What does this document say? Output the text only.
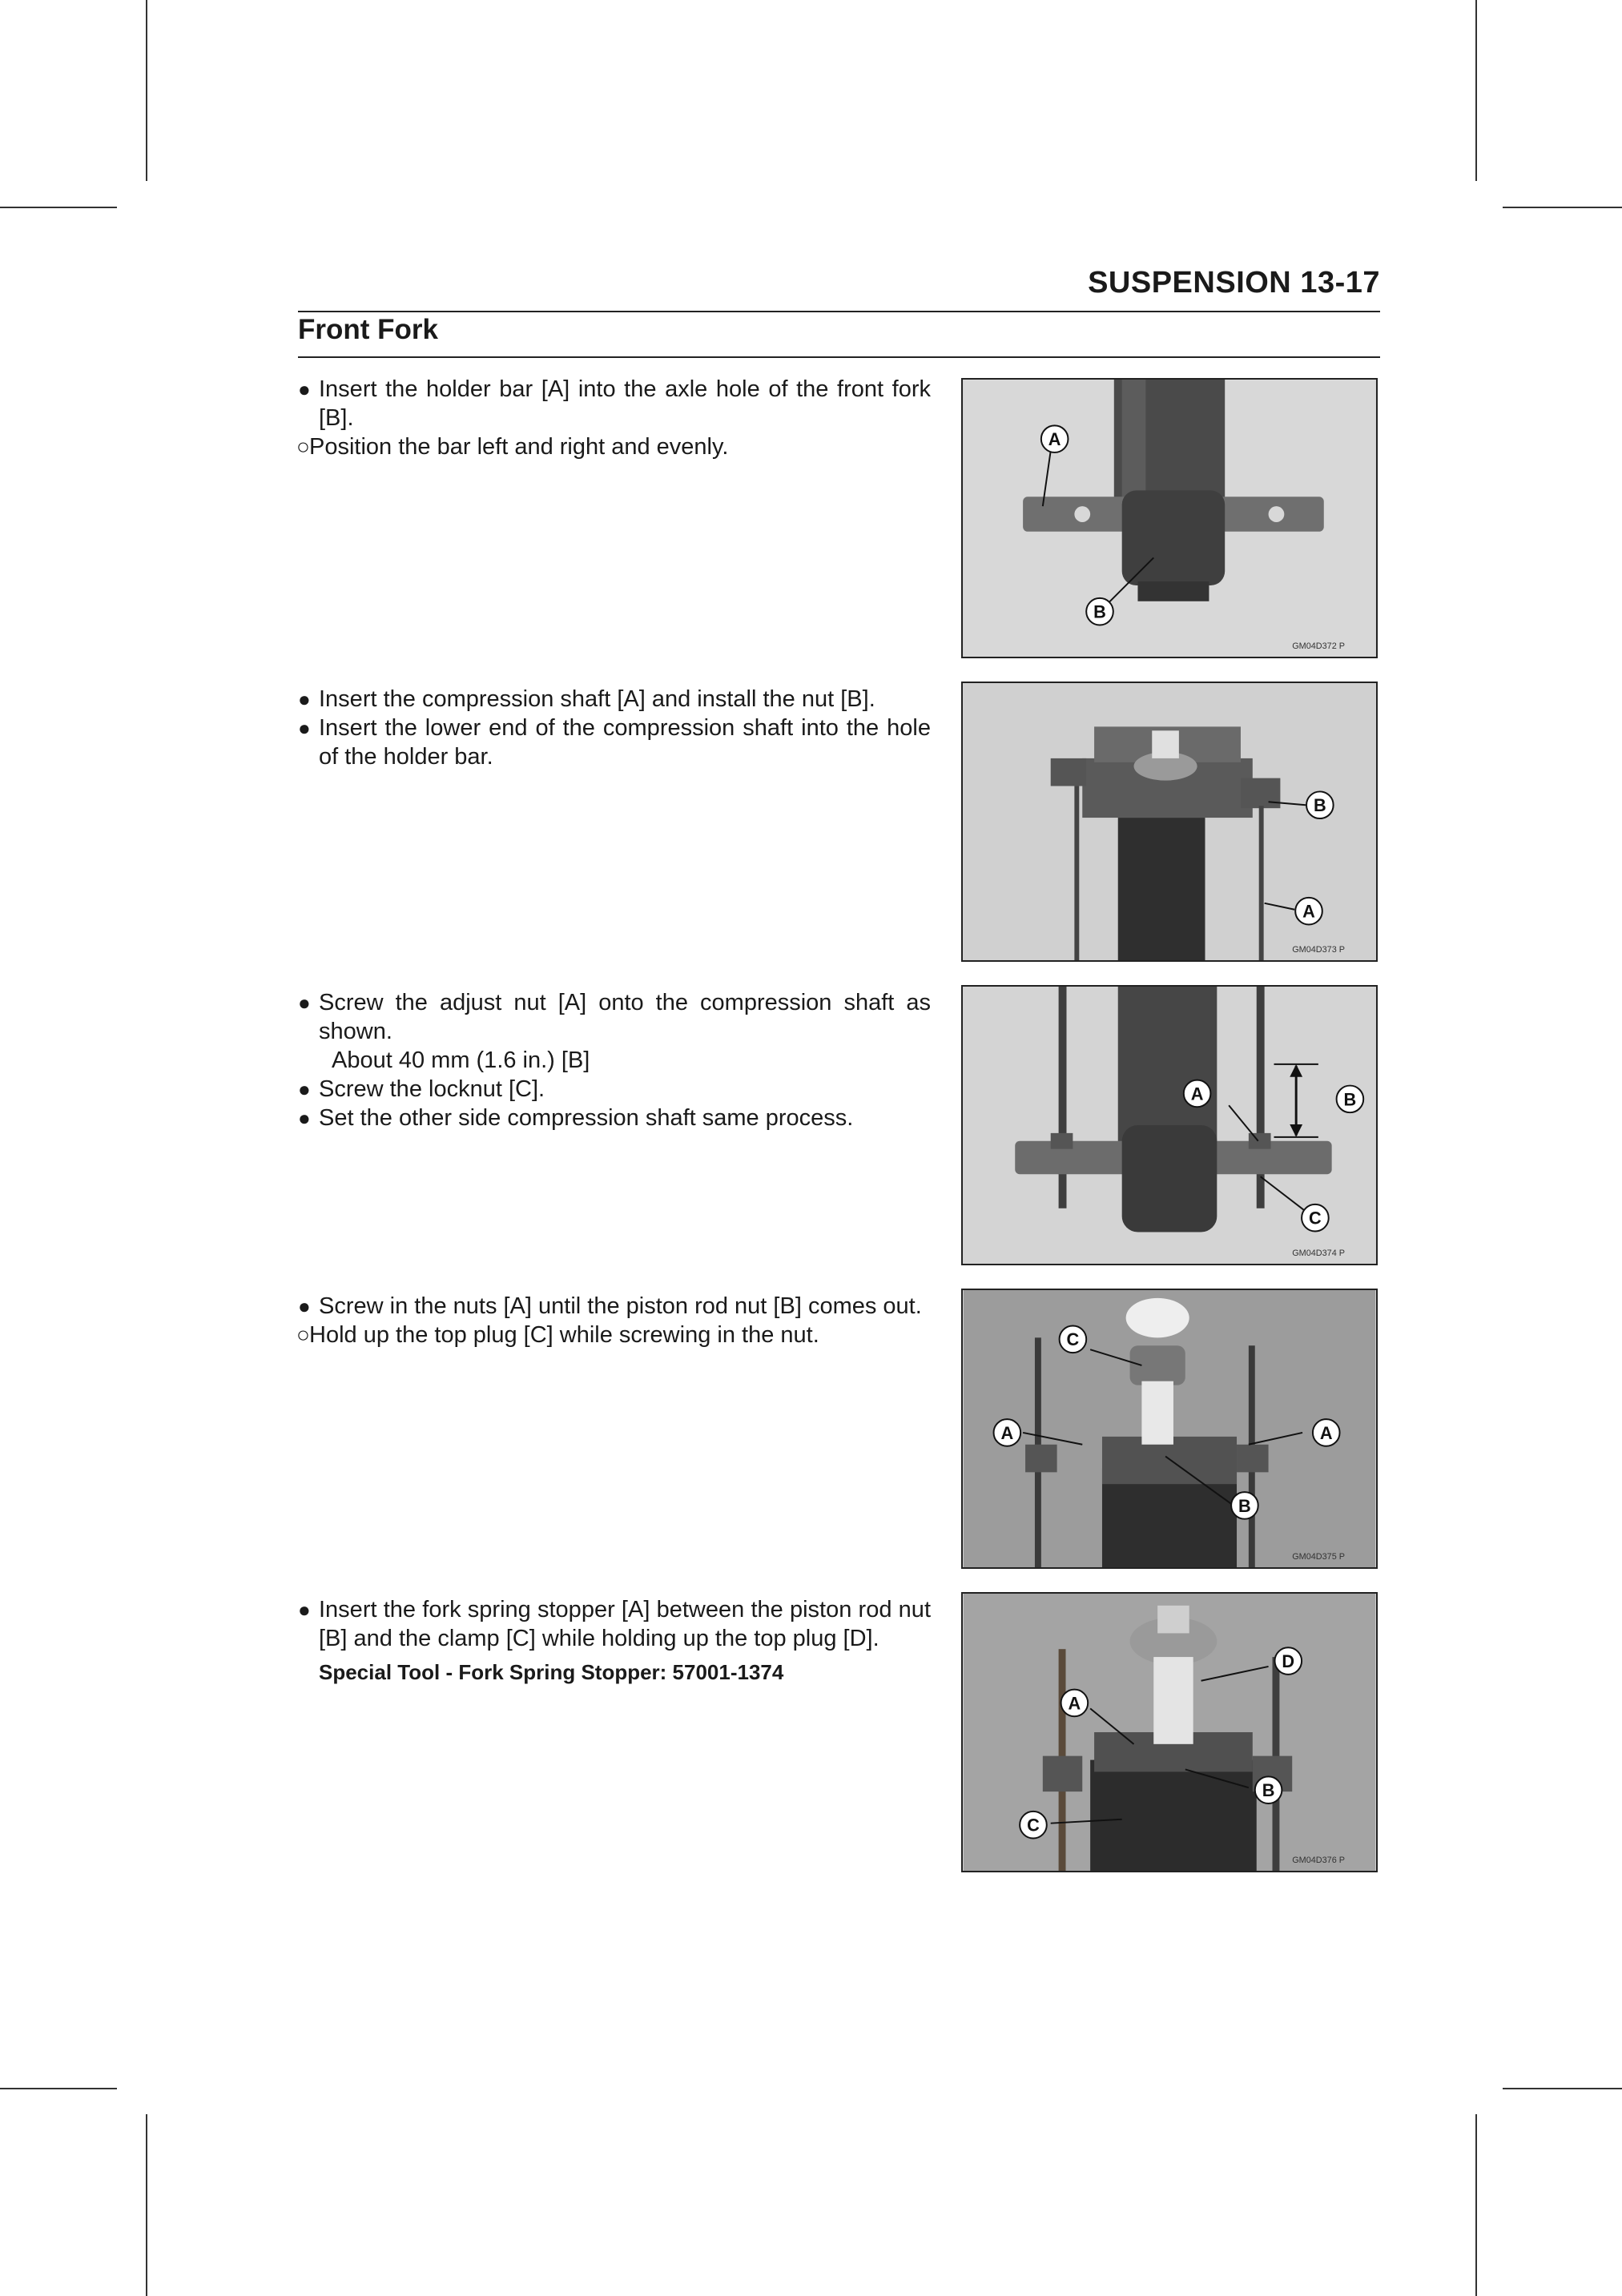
SUSPENSION 13-17
Front Fork
● Insert the holder bar [A] into the axle hole of the front fork [B].
○ Position the bar left and right and evenly.	A
B
GM04D372 P
● Insert the compression shaft [A] and install the nut [B].
● Insert the lower end of the compression shaft into the hole of the holder bar.
B
A
GM04D373 P
● Screw the adjust nut [A] onto the compression shaft as shown.
About 40 mm (1.6 in.) [B]
● Screw the locknut [C].
● Set the other side compression shaft same process.
A	B
C
GM04D374 P
● Screw in the nuts [A] until the piston rod nut [B] comes out.
○ Hold up the top plug [C] while screwing in the nut.	C
A	A
B
GM04D375 P
● Insert the fork spring stopper [A] between the piston rod nut [B] and the clamp [C] while holding up the top plug [D].
Special Tool - Fork Spring Stopper: 57001-1374	D
A
B
C
GM04D376 P
